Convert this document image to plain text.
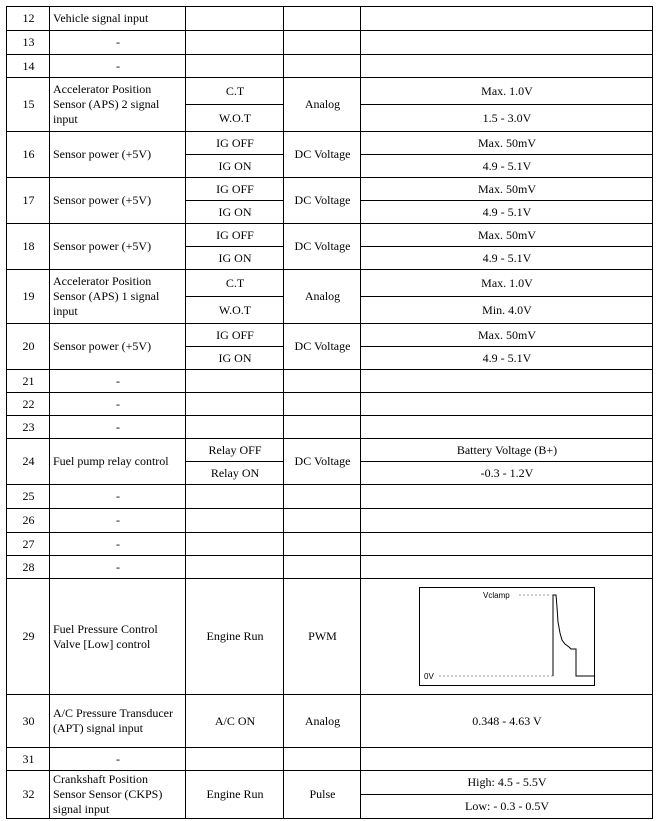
12	Vehicle signal input			
13	-			
14	-			
15	Accelerator Position Sensor (APS) 2 signal input	C.T	Analog	Max. 1.0V
		W.O.T		1.5 - 3.0V
16	Sensor power (+5V)	IG OFF	DC Voltage	Max. 50mV
		IG ON		4.9 - 5.1V
17	Sensor power (+5V)	IG OFF	DC Voltage	Max. 50mV
		IG ON		4.9 - 5.1V
18	Sensor power (+5V)	IG OFF	DC Voltage	Max. 50mV
		IG ON		4.9 - 5.1V
19	Accelerator Position Sensor (APS) 1 signal input	C.T	Analog	Max. 1.0V
		W.O.T		Min. 4.0V
20	Sensor power (+5V)	IG OFF	DC Voltage	Max. 50mV
		IG ON		4.9 - 5.1V
21	-			
22	-			
23	-			
24	Fuel pump relay control	Relay OFF	DC Voltage	Battery Voltage (B+)
		Relay ON		-0.3 - 1.2V
25	-			
26	-			
27	-			
28	-			
29	Fuel Pressure Control Valve [Low] control	Engine Run	PWM	Vclamp
0V

30	A/C Pressure Transducer (APT) signal input	A/C ON	Analog	0.348 - 4.63 V
31	-			
32	Crankshaft Position Sensor Sensor (CKPS) signal input	Engine Run	Pulse	High: 4.5 - 5.5V
				Low: - 0.3 - 0.5V
